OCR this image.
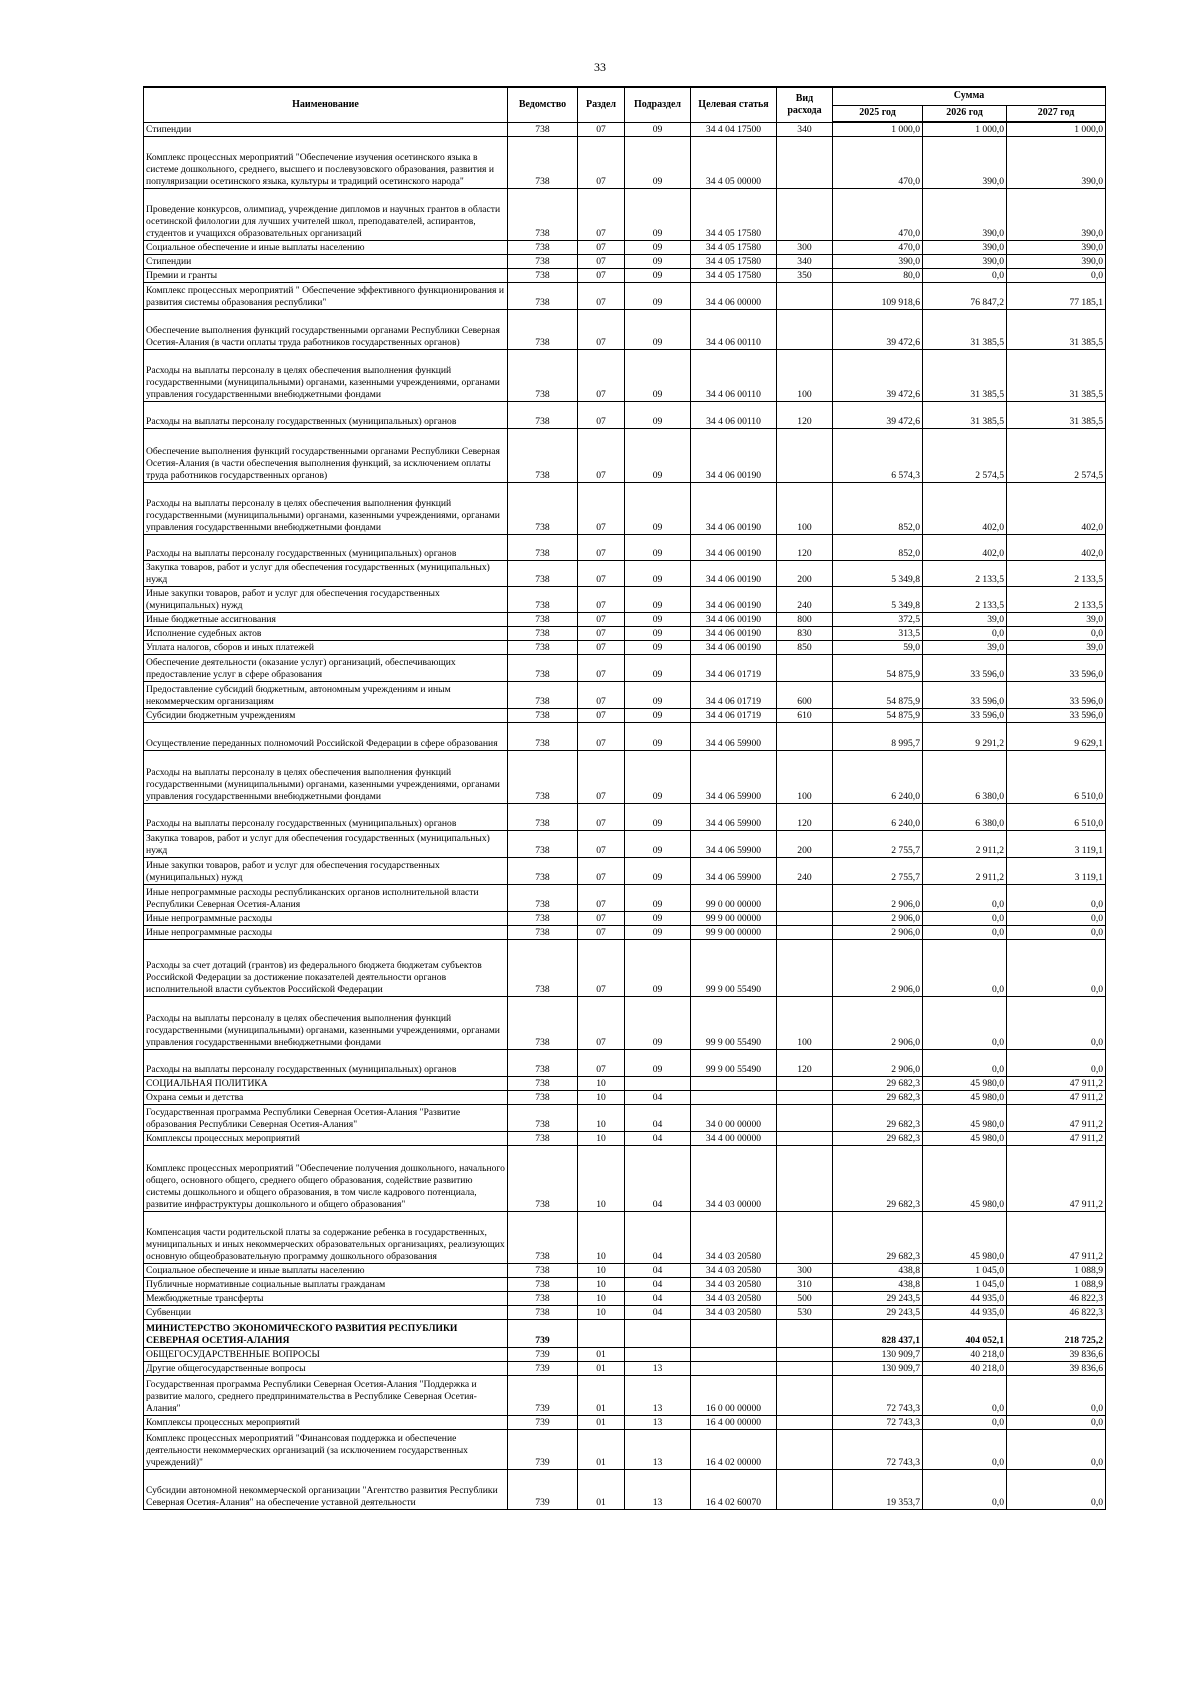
33
Наименование	Ведомство	Раздел	Подраздел	Целевая статья	Вид расхода	Сумма		
						2025 год	2026 год	2027 год
Стипендии	738	07	09	34 4 04 17500	340	1 000,0	1 000,0	1 000,0
Комплекс процессных мероприятий "Обеспечение изучения осетинского языка в системе дошкольного, среднего, высшего и послевузовского образования, развития и популяризации осетинского языка, культуры и традиций осетинского народа"	738	07	09	34 4 05 00000		470,0	390,0	390,0
Проведение конкурсов, олимпиад, учреждение дипломов и научных грантов в области осетинской филологии для лучших учителей школ, преподавателей, аспирантов, студентов и учащихся образовательных организаций	738	07	09	34 4 05 17580		470,0	390,0	390,0
Социальное обеспечение и иные выплаты населению	738	07	09	34 4 05 17580	300	470,0	390,0	390,0
Стипендии	738	07	09	34 4 05 17580	340	390,0	390,0	390,0
Премии и гранты	738	07	09	34 4 05 17580	350	80,0	0,0	0,0
Комплекс процессных мероприятий " Обеспечение эффективного функционирования и развития системы образования республики"	738	07	09	34 4 06 00000		109 918,6	76 847,2	77 185,1
Обеспечение выполнения функций государственными органами Республики Северная Осетия-Алания (в части оплаты труда работников государственных органов)	738	07	09	34 4 06 00110		39 472,6	31 385,5	31 385,5
Расходы на выплаты персоналу в целях обеспечения выполнения функций государственными (муниципальными) органами, казенными учреждениями, органами управления государственными внебюджетными фондами	738	07	09	34 4 06 00110	100	39 472,6	31 385,5	31 385,5
Расходы на выплаты персоналу государственных (муниципальных) органов	738	07	09	34 4 06 00110	120	39 472,6	31 385,5	31 385,5
Обеспечение выполнения функций государственными органами Республики Северная Осетия-Алания (в части обеспечения выполнения функций, за исключением оплаты труда работников государственных органов)	738	07	09	34 4 06 00190		6 574,3	2 574,5	2 574,5
Расходы на выплаты персоналу в целях обеспечения выполнения функций государственными (муниципальными) органами, казенными учреждениями, органами управления государственными внебюджетными фондами	738	07	09	34 4 06 00190	100	852,0	402,0	402,0
Расходы на выплаты персоналу государственных (муниципальных) органов	738	07	09	34 4 06 00190	120	852,0	402,0	402,0
Закупка товаров, работ и услуг для обеспечения государственных (муниципальных) нужд	738	07	09	34 4 06 00190	200	5 349,8	2 133,5	2 133,5
Иные закупки товаров, работ и услуг для обеспечения государственных (муниципальных) нужд	738	07	09	34 4 06 00190	240	5 349,8	2 133,5	2 133,5
Иные бюджетные ассигнования	738	07	09	34 4 06 00190	800	372,5	39,0	39,0
Исполнение судебных актов	738	07	09	34 4 06 00190	830	313,5	0,0	0,0
Уплата налогов, сборов и иных платежей	738	07	09	34 4 06 00190	850	59,0	39,0	39,0
Обеспечение деятельности (оказание услуг) организаций, обеспечивающих предоставление услуг в сфере образования	738	07	09	34 4 06 01719		54 875,9	33 596,0	33 596,0
Предоставление субсидий бюджетным, автономным учреждениям и иным некоммерческим организациям	738	07	09	34 4 06 01719	600	54 875,9	33 596,0	33 596,0
Субсидии бюджетным учреждениям	738	07	09	34 4 06 01719	610	54 875,9	33 596,0	33 596,0
Осуществление переданных полномочий Российской Федерации в сфере образования	738	07	09	34 4 06 59900		8 995,7	9 291,2	9 629,1
Расходы на выплаты персоналу в целях обеспечения выполнения функций государственными (муниципальными) органами, казенными учреждениями, органами управления государственными внебюджетными фондами	738	07	09	34 4 06 59900	100	6 240,0	6 380,0	6 510,0
Расходы на выплаты персоналу государственных (муниципальных) органов	738	07	09	34 4 06 59900	120	6 240,0	6 380,0	6 510,0
Закупка товаров, работ и услуг для обеспечения государственных (муниципальных) нужд	738	07	09	34 4 06 59900	200	2 755,7	2 911,2	3 119,1
Иные закупки товаров, работ и услуг для обеспечения государственных (муниципальных) нужд	738	07	09	34 4 06 59900	240	2 755,7	2 911,2	3 119,1
Иные непрограммные расходы республиканских органов исполнительной власти Республики Северная Осетия-Алания	738	07	09	99 0 00 00000		2 906,0	0,0	0,0
Иные непрограммные расходы	738	07	09	99 9 00 00000		2 906,0	0,0	0,0
Иные непрограммные расходы	738	07	09	99 9 00 00000		2 906,0	0,0	0,0
Расходы за счет дотаций (грантов) из федерального бюджета бюджетам субъектов Российской Федерации за достижение показателей деятельности органов исполнительной власти субъектов Российской Федерации	738	07	09	99 9 00 55490		2 906,0	0,0	0,0
Расходы на выплаты персоналу в целях обеспечения выполнения функций государственными (муниципальными) органами, казенными учреждениями, органами управления государственными внебюджетными фондами	738	07	09	99 9 00 55490	100	2 906,0	0,0	0,0
Расходы на выплаты персоналу государственных (муниципальных) органов	738	07	09	99 9 00 55490	120	2 906,0	0,0	0,0
СОЦИАЛЬНАЯ ПОЛИТИКА	738	10				29 682,3	45 980,0	47 911,2
Охрана семьи и детства	738	10	04			29 682,3	45 980,0	47 911,2
Государственная программа Республики Северная Осетия-Алания "Развитие образования Республики Северная Осетия-Алания"	738	10	04	34 0 00 00000		29 682,3	45 980,0	47 911,2
Комплексы процессных мероприятий	738	10	04	34 4 00 00000		29 682,3	45 980,0	47 911,2
Комплекс процессных мероприятий "Обеспечение получения дошкольного, начального общего, основного общего, среднего общего образования, содействие развитию системы дошкольного и общего образования, в том числе кадрового потенциала, развитие инфраструктуры дошкольного и общего образования"	738	10	04	34 4 03 00000		29 682,3	45 980,0	47 911,2
Компенсация части родительской платы за содержание ребенка в государственных, муниципальных и иных некоммерческих образовательных организациях, реализующих основную общеобразовательную программу дошкольного образования	738	10	04	34 4 03 20580		29 682,3	45 980,0	47 911,2
Социальное обеспечение и иные выплаты населению	738	10	04	34 4 03 20580	300	438,8	1 045,0	1 088,9
Публичные нормативные социальные выплаты гражданам	738	10	04	34 4 03 20580	310	438,8	1 045,0	1 088,9
Межбюджетные трансферты	738	10	04	34 4 03 20580	500	29 243,5	44 935,0	46 822,3
Субвенции	738	10	04	34 4 03 20580	530	29 243,5	44 935,0	46 822,3
МИНИСТЕРСТВО ЭКОНОМИЧЕСКОГО РАЗВИТИЯ РЕСПУБЛИКИ СЕВЕРНАЯ ОСЕТИЯ-АЛАНИЯ	739					828 437,1	404 052,1	218 725,2
ОБЩЕГОСУДАРСТВЕННЫЕ ВОПРОСЫ	739	01				130 909,7	40 218,0	39 836,6
Другие общегосударственные вопросы	739	01	13			130 909,7	40 218,0	39 836,6
Государственная программа Республики Северная Осетия-Алания "Поддержка и развитие малого, среднего предпринимательства в Республике Северная Осетия-Алания"	739	01	13	16 0 00 00000		72 743,3	0,0	0,0
Комплексы процессных мероприятий	739	01	13	16 4 00 00000		72 743,3	0,0	0,0
Комплекс процессных мероприятий "Финансовая поддержка и обеспечение деятельности некоммерческих организаций (за исключением государственных учреждений)"	739	01	13	16 4 02 00000		72 743,3	0,0	0,0
Субсидии автономной некоммерческой организации "Агентство развития Республики Северная Осетия-Алания" на обеспечение уставной деятельности	739	01	13	16 4 02 60070		19 353,7	0,0	0,0
